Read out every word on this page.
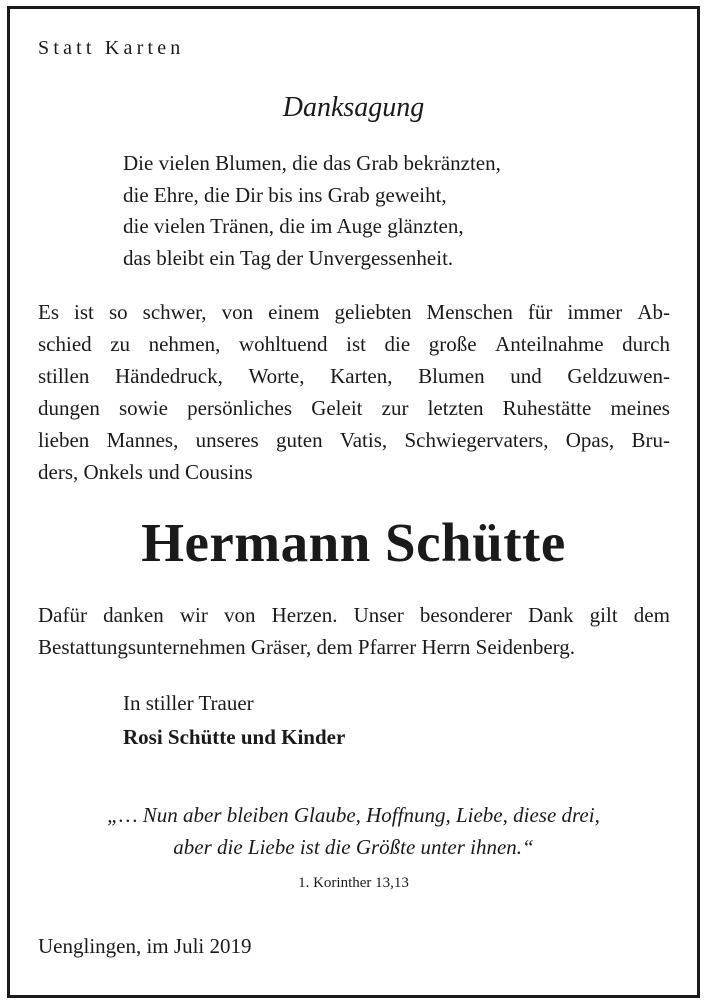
Statt Karten
Danksagung
Die vielen Blumen, die das Grab bekränzten,
die Ehre, die Dir bis ins Grab geweiht,
die vielen Tränen, die im Auge glänzten,
das bleibt ein Tag der Unvergessenheit.
Es ist so schwer, von einem geliebten Menschen für immer Ab-
schied zu nehmen, wohltuend ist die große Anteilnahme durch
stillen Händedruck, Worte, Karten, Blumen und Geldzuwen-
dungen sowie persönliches Geleit zur letzten Ruhestätte meines
lieben Mannes, unseres guten Vatis, Schwiegervaters, Opas, Bru-
ders, Onkels und Cousins
Hermann Schütte
Dafür danken wir von Herzen. Unser besonderer Dank gilt dem
Bestattungsunternehmen Gräser, dem Pfarrer Herrn Seidenberg.
In stiller Trauer
Rosi Schütte und Kinder
„… Nun aber bleiben Glaube, Hoffnung, Liebe, diese drei,
aber die Liebe ist die Größte unter ihnen.“
1. Korinther 13,13
Uenglingen, im Juli 2019
